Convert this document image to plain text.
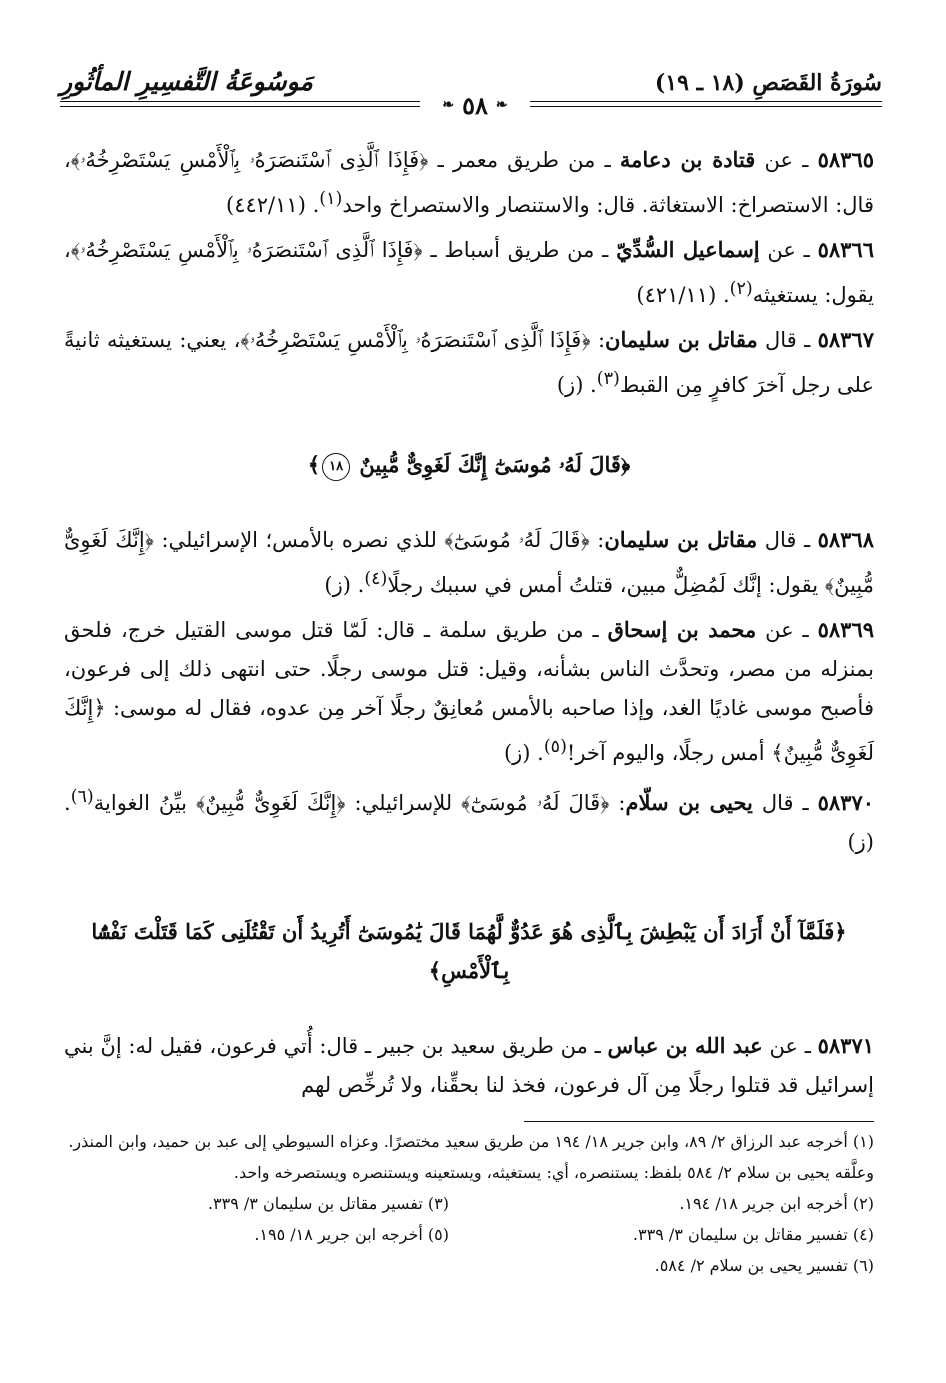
سُورَةُ القَصَصِ (١٨ ـ ١٩)
مَوسُوعَةُ التَّفسِيرِ المأثُورِ
❧
٥٨
❧

٥٨٣٦٥ ـ عن قتادة بن دعامة ـ من طريق معمر ـ ﴿فَإِذَا ٱلَّذِى ٱسْتَنصَرَهُۥ بِٱلْأَمْسِ يَسْتَصْرِخُهُۥ﴾، قال: الاستصراخ: الاستغاثة. قال: والاستنصار والاستصراخ واحد$^{(١)}$. (٤٤٢/١١)

٥٨٣٦٦ ـ عن إسماعيل السُّدِّيّ ـ من طريق أسباط ـ ﴿فَإِذَا ٱلَّذِى ٱسْتَنصَرَهُۥ بِٱلْأَمْسِ يَسْتَصْرِخُهُۥ﴾، يقول: يستغيثه$^{(٢)}$. (٤٢١/١١)

٥٨٣٦٧ ـ قال مقاتل بن سليمان: ﴿فَإِذَا ٱلَّذِى ٱسْتَنصَرَهُۥ بِٱلْأَمْسِ يَسْتَصْرِخُهُۥ﴾، يعني: يستغيثه ثانيةً على رجل آخرَ كافرٍ مِن القبط$^{(٣)}$. (ز)

﴿قَالَ لَهُۥ مُوسَىٰٓ إِنَّكَ لَغَوِىٌّ مُّبِينٌ ١٨﴾

٥٨٣٦٨ ـ قال مقاتل بن سليمان: ﴿قَالَ لَهُۥ مُوسَىٰٓ﴾ للذي نصره بالأمس؛ الإسرائيلي: ﴿إِنَّكَ لَغَوِىٌّ مُّبِينٌ﴾ يقول: إنَّك لَمُضِلٌّ مبين، قتلتُ أمس في سببك رجلًا$^{(٤)}$. (ز)

٥٨٣٦٩ ـ عن محمد بن إسحاق ـ من طريق سلمة ـ قال: لَمّا قتل موسى القتيل خرج، فلحق بمنزله من مصر، وتحدَّث الناس بشأنه، وقيل: قتل موسى رجلًا. حتى انتهى ذلك إلى فرعون، فأصبح موسى غاديًا الغد، وإذا صاحبه بالأمس مُعانِقٌ رجلًا آخر مِن عدوه، فقال له موسى: ﴿إِنَّكَ لَغَوِىٌّ مُّبِينٌ﴾ أمس رجلًا، واليوم آخر!$^{(٥)}$. (ز)

٥٨٣٧٠ ـ قال يحيى بن سلّام: ﴿قَالَ لَهُۥ مُوسَىٰٓ﴾ للإسرائيلي: ﴿إِنَّكَ لَغَوِىٌّ مُّبِينٌ﴾ بيِّنُ الغواية$^{(٦)}$. (ز)

﴿فَلَمَّآ أَنْ أَرَادَ أَن يَبْطِشَ بِٱلَّذِى هُوَ عَدُوٌّ لَّهُمَا قَالَ يَٰمُوسَىٰٓ أَتُرِيدُ أَن تَقْتُلَنِى كَمَا قَتَلْتَ نَفْسًۢا بِٱلْأَمْسِ﴾

٥٨٣٧١ ـ عن عبد الله بن عباس ـ من طريق سعيد بن جبير ـ قال: أُتي فرعون، فقيل له: إنَّ بني إسرائيل قد قتلوا رجلًا مِن آل فرعون، فخذ لنا بحقِّنا، ولا تُرخِّص لهم

(١) أخرجه عبد الرزاق ٢/ ٨٩، وابن جرير ١٨/ ١٩٤ من طريق سعيد مختصرًا. وعزاه السيوطي إلى عبد بن حميد، وابن المنذر. وعلَّقه يحيى بن سلام ٢/ ٥٨٤ بلفظ: يستنصره، أي: يستغيثه، ويستعينه ويستنصره ويستصرخه واحد.
(٢) أخرجه ابن جرير ١٨/ ١٩٤.
(٣) تفسير مقاتل بن سليمان ٣/ ٣٣٩.
(٤) تفسير مقاتل بن سليمان ٣/ ٣٣٩.
(٥) أخرجه ابن جرير ١٨/ ١٩٥.
(٦) تفسير يحيى بن سلام ٢/ ٥٨٤.
